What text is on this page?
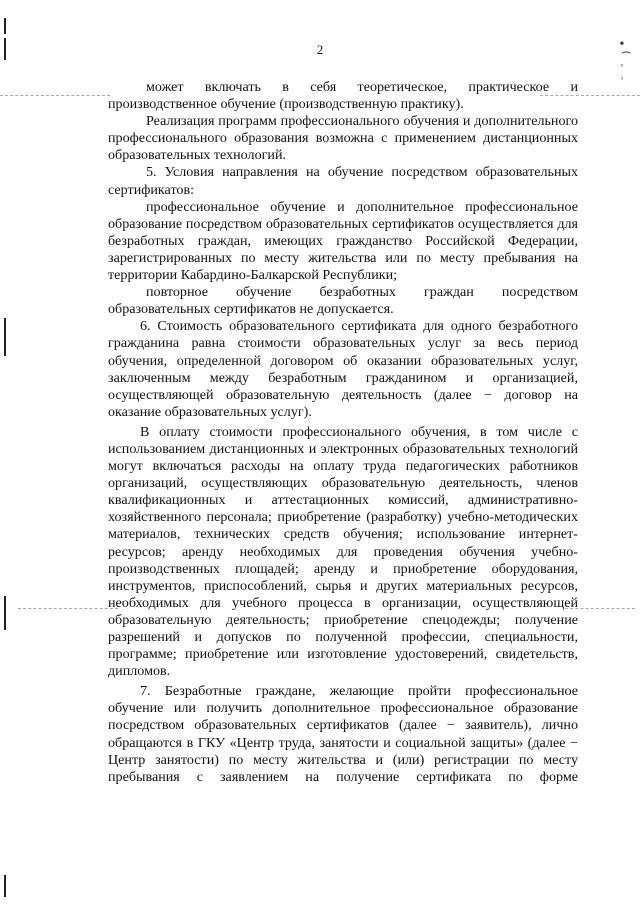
•

ʿ
ʾ
2

может включать в себя теоретическое, практическое и производственное обучение (производственную практику).

Реализация программ профессионального обучения и дополнительного профессионального образования возможна с применением дистанционных образовательных технологий.

5. Условия направления на обучение посредством образовательных сертификатов:

профессиональное обучение и дополнительное профессиональное образование посредством образовательных сертификатов осуществляется для безработных граждан, имеющих гражданство Российской Федерации, зарегистрированных по месту жительства или по месту пребывания на территории Кабардино-Балкарской Республики;

повторное обучение безработных граждан посредством образовательных сертификатов не допускается.

6. Стоимость образовательного сертификата для одного безработного гражданина равна стоимости образовательных услуг за весь период обучения, определенной договором об оказании образовательных услуг, заключенным между безработным гражданином и организацией, осуществляющей образовательную деятельность (далее − договор на оказание образовательных услуг).

В оплату стоимости профессионального обучения, в том числе с использованием дистанционных и электронных образовательных технологий могут включаться расходы на оплату труда педагогических работников организаций, осуществляющих образовательную деятельность, членов квалификационных и аттестационных комиссий, административно-хозяйственного персонала; приобретение (разработку) учебно-методических материалов, технических средств обучения; использование интернет-ресурсов; аренду необходимых для проведения обучения учебно-производственных площадей; аренду и приобретение оборудования, инструментов, приспособлений, сырья и других материальных ресурсов, необходимых для учебного процесса в организации, осуществляющей образовательную деятельность; приобретение спецодежды; получение разрешений и допусков по полученной профессии, специальности, программе; приобретение или изготовление удостоверений, свидетельств, дипломов.

7. Безработные граждане, желающие пройти профессиональное обучение или получить дополнительное профессиональное образование посредством образовательных сертификатов (далее − заявитель), лично обращаются в ГКУ «Центр труда, занятости и социальной защиты» (далее − Центр занятости) по месту жительства и (или) регистрации по месту пребывания с заявлением на получение сертификата по форме
